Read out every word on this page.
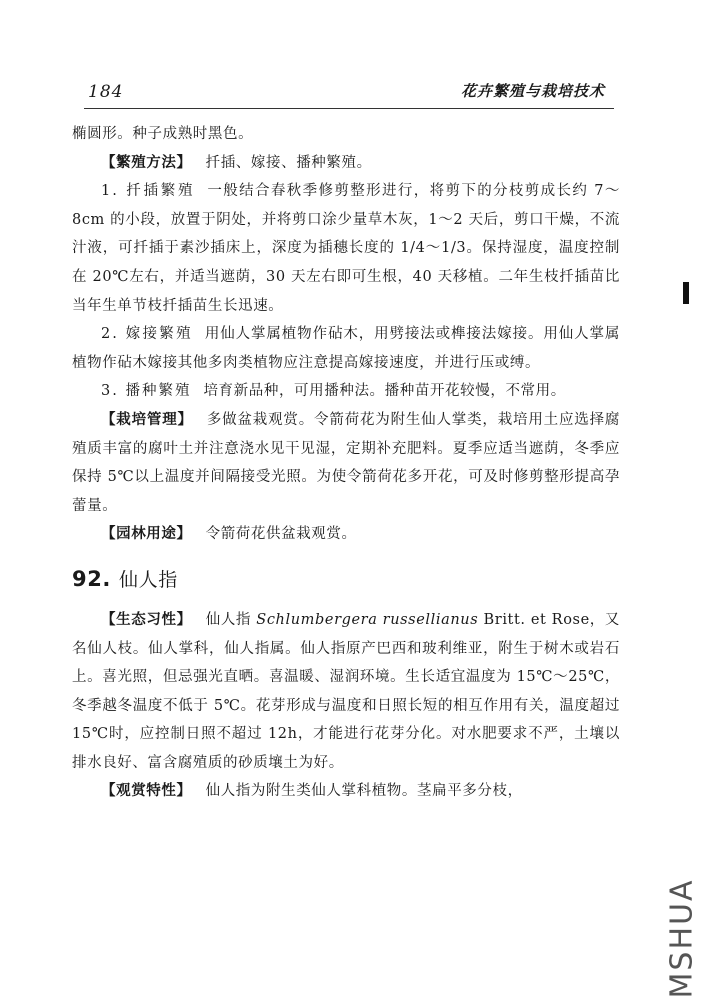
184	花卉繁殖与栽培技术

椭圆形。种子成熟时黑色。

【繁殖方法】 扦插、嫁接、播种繁殖。

1. 扦插繁殖 一般结合春秋季修剪整形进行，将剪下的分枝剪成长约 7～8cm 的小段，放置于阴处，并将剪口涂少量草木灰，1～2 天后，剪口干燥，不流汁液，可扦插于素沙插床上，深度为插穗长度的 1/4～1/3。保持湿度，温度控制在 20℃左右，并适当遮荫，30 天左右即可生根，40 天移植。二年生枝扦插苗比当年生单节枝扦插苗生长迅速。

2. 嫁接繁殖 用仙人掌属植物作砧木，用劈接法或榫接法嫁接。用仙人掌属植物作砧木嫁接其他多肉类植物应注意提高嫁接速度，并进行压或缚。

3. 播种繁殖 培育新品种，可用播种法。播种苗开花较慢，不常用。

【栽培管理】 多做盆栽观赏。令箭荷花为附生仙人掌类，栽培用土应选择腐殖质丰富的腐叶土并注意浇水见干见湿，定期补充肥料。夏季应适当遮荫，冬季应保持 5℃以上温度并间隔接受光照。为使令箭荷花多开花，可及时修剪整形提高孕蕾量。

【园林用途】 令箭荷花供盆栽观赏。

92. 仙人指

【生态习性】 仙人指 Schlumbergera russellianus Britt. et Rose，又名仙人枝。仙人掌科，仙人指属。仙人指原产巴西和玻利维亚，附生于树木或岩石上。喜光照，但忌强光直晒。喜温暖、湿润环境。生长适宜温度为 15℃～25℃，冬季越冬温度不低于 5℃。花芽形成与温度和日照长短的相互作用有关，温度超过 15℃时，应控制日照不超过 12h，才能进行花芽分化。对水肥要求不严，土壤以排水良好、富含腐殖质的砂质壤土为好。

【观赏特性】 仙人指为附生类仙人掌科植物。茎扁平多分枝，

MSHUA
